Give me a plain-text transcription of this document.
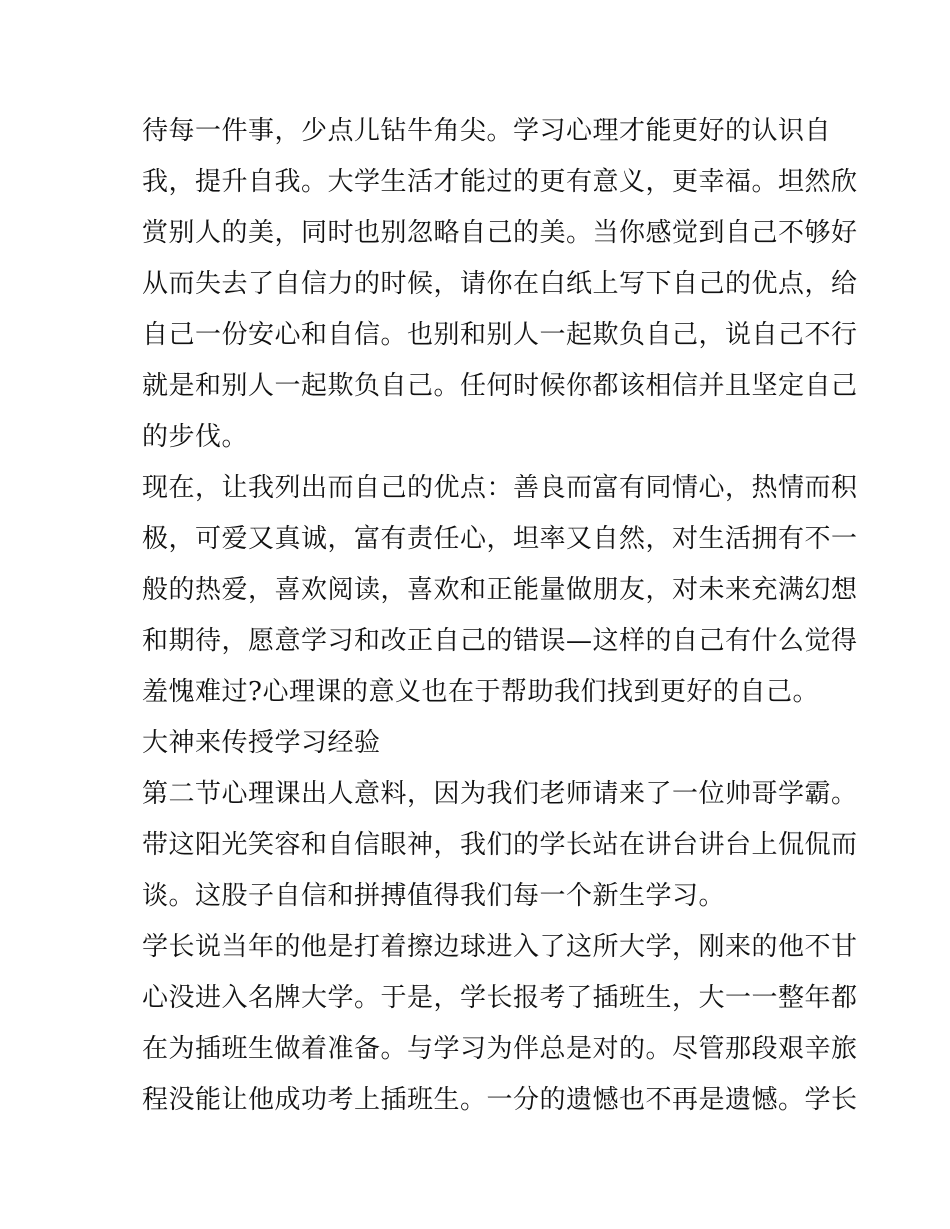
待每一件事，少点儿钻牛角尖。学习心理才能更好的认识自
我，提升自我。大学生活才能过的更有意义，更幸福。坦然欣
赏别人的美，同时也别忽略自己的美。当你感觉到自己不够好
从而失去了自信力的时候，请你在白纸上写下自己的优点，给
自己一份安心和自信。也别和别人一起欺负自己，说自己不行
就是和别人一起欺负自己。任何时候你都该相信并且坚定自己
的步伐。
现在，让我列出而自己的优点：善良而富有同情心，热情而积
极，可爱又真诚，富有责任心，坦率又自然，对生活拥有不一
般的热爱，喜欢阅读，喜欢和正能量做朋友，对未来充满幻想
和期待，愿意学习和改正自己的错误—这样的自己有什么觉得
羞愧难过?心理课的意义也在于帮助我们找到更好的自己。
大神来传授学习经验
第二节心理课出人意料，因为我们老师请来了一位帅哥学霸。
带这阳光笑容和自信眼神，我们的学长站在讲台讲台上侃侃而
谈。这股子自信和拼搏值得我们每一个新生学习。
学长说当年的他是打着擦边球进入了这所大学，刚来的他不甘
心没进入名牌大学。于是，学长报考了插班生，大一一整年都
在为插班生做着准备。与学习为伴总是对的。尽管那段艰辛旅
程没能让他成功考上插班生。一分的遗憾也不再是遗憾。学长
